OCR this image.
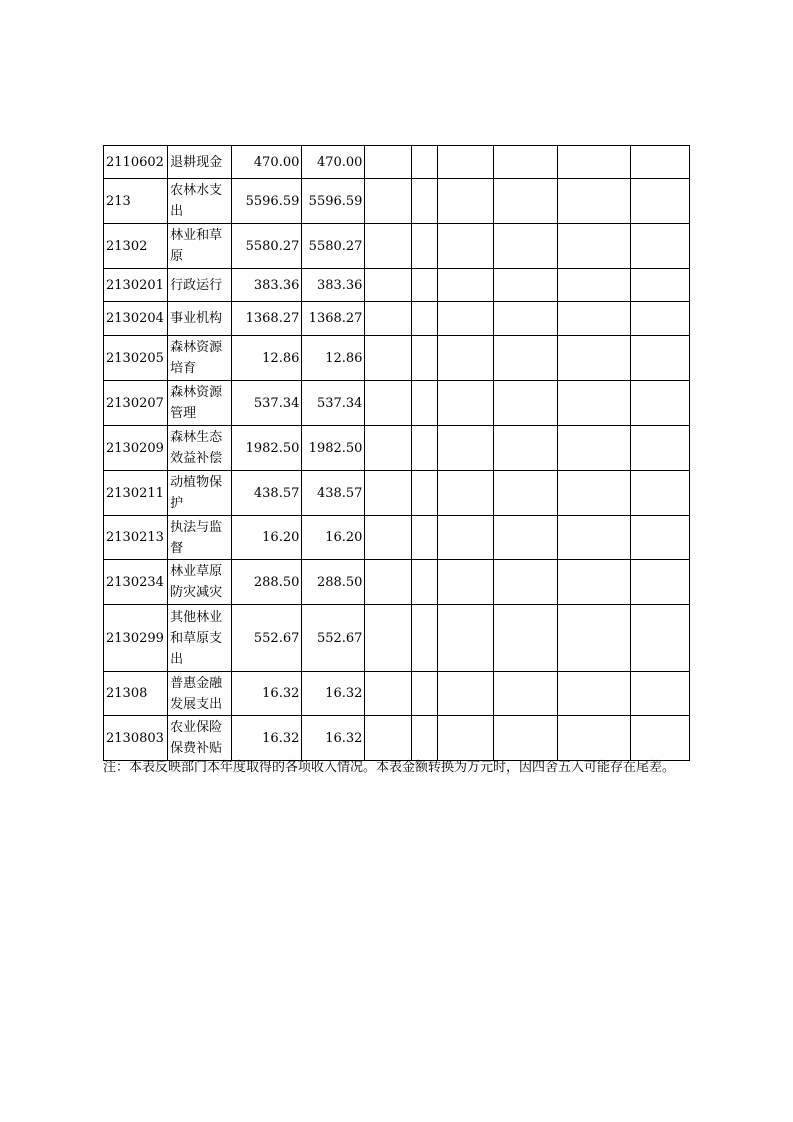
2110602	退耕现金	470.00	470.00						
213	农林水支出	5596.59	5596.59						
21302	林业和草原	5580.27	5580.27						
2130201	行政运行	383.36	383.36						
2130204	事业机构	1368.27	1368.27						
2130205	森林资源培育	12.86	12.86						
2130207	森林资源管理	537.34	537.34						
2130209	森林生态效益补偿	1982.50	1982.50						
2130211	动植物保护	438.57	438.57						
2130213	执法与监督	16.20	16.20						
2130234	林业草原防灾减灾	288.50	288.50						
2130299	其他林业和草原支出	552.67	552.67						
21308	普惠金融发展支出	16.32	16.32						
2130803	农业保险保费补贴	16.32	16.32						
注：本表反映部门本年度取得的各项收入情况。本表金额转换为万元时，因四舍五入可能存在尾差。
